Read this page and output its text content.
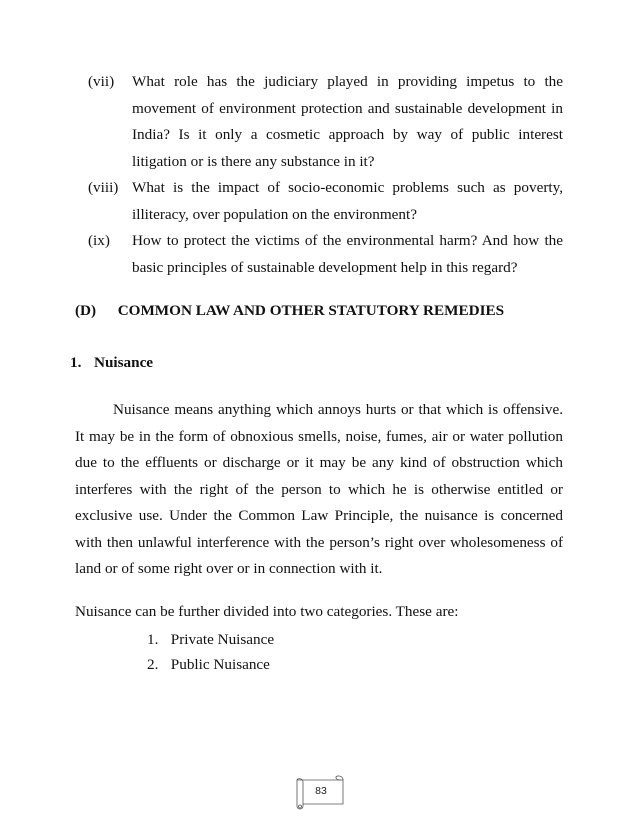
(vii)	What role has the judiciary played in providing impetus to the movement of environment protection and sustainable development in India? Is it only a cosmetic approach by way of public interest litigation or is there any substance in it?
(viii) What is the impact of socio-economic problems such as poverty, illiteracy, over population on the environment?
(ix)	How to protect the victims of the environmental harm? And how the basic principles of sustainable development help in this regard?
(D) COMMON LAW AND OTHER STATUTORY REMEDIES
1. Nuisance
Nuisance means anything which annoys hurts or that which is offensive. It may be in the form of obnoxious smells, noise, fumes, air or water pollution due to the effluents or discharge or it may be any kind of obstruction which interferes with the right of the person to which he is otherwise entitled or exclusive use. Under the Common Law Principle, the nuisance is concerned with then unlawful interference with the person’s right over wholesomeness of land or of some right over or in connection with it.
Nuisance can be further divided into two categories. These are:
1. Private Nuisance
2. Public Nuisance
83
